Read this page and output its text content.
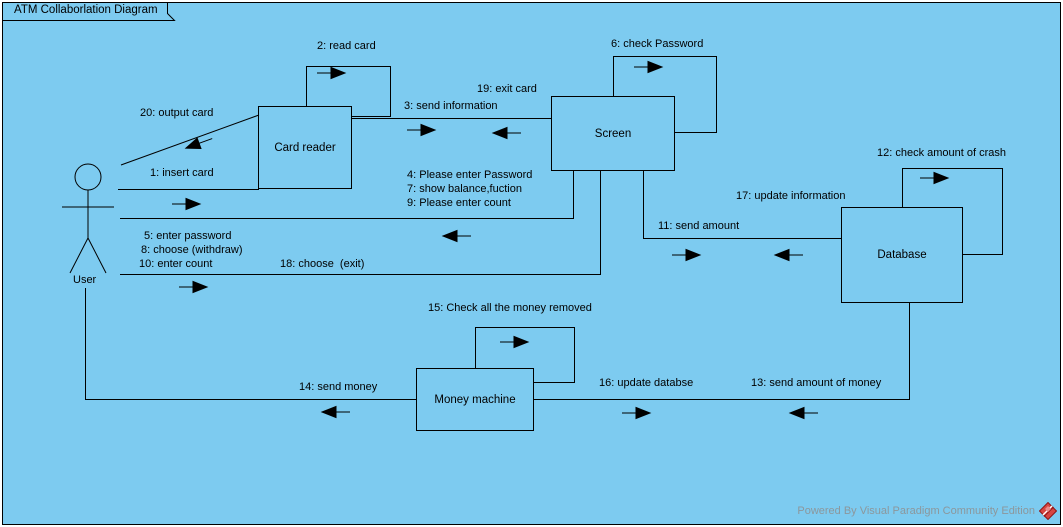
ATM Collaborlation Diagram
Card reader
Screen
Database
Money machine
User
2: read card	6: check Password
12: check amount of crash
15: Check all the money removed
20: output card
1: insert card
3: send information
19: exit card
4: Please enter Password
7: show balance,fuction
9: Please enter count
5: enter password
8: choose (withdraw)
10: enter count	18: choose  (exit)
11: send amount
17: update information
14: send money	16: update databse	13: send amount of money
Powered By Visual Paradigm Community Edition
